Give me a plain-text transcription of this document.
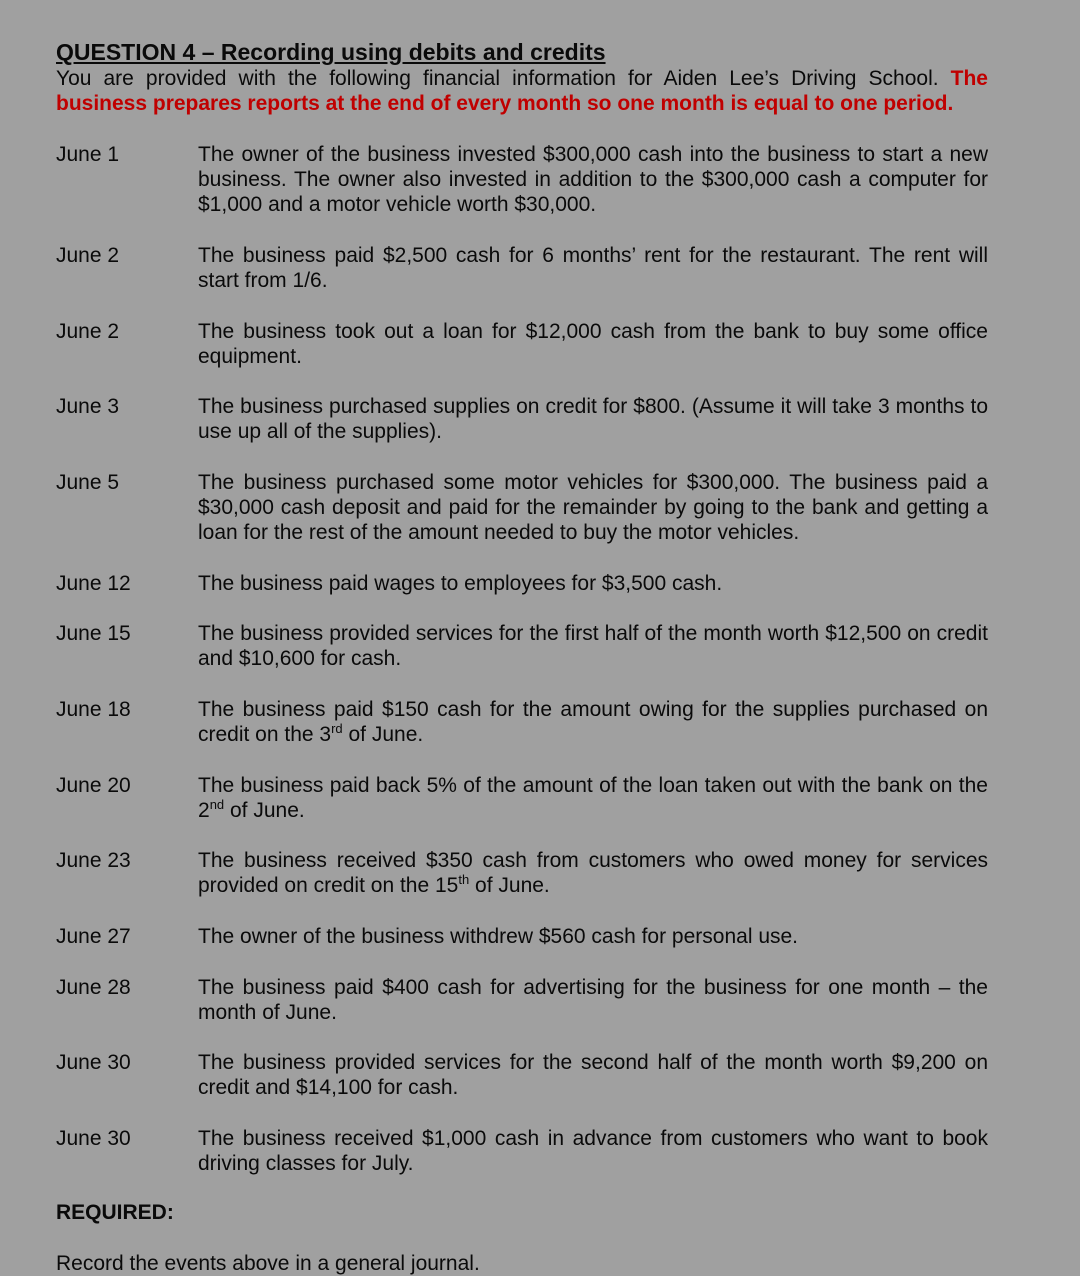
QUESTION 4 – Recording using debits and credits
You are provided with the following financial information for Aiden Lee’s Driving School. The business prepares reports at the end of every month so one month is equal to one period.
June 1	The owner of the business invested $300,000 cash into the business to start a new business. The owner also invested in addition to the $300,000 cash a computer for $1,000 and a motor vehicle worth $30,000.
June 2	The business paid $2,500 cash for 6 months’ rent for the restaurant. The rent will start from 1/6.
June 2	The business took out a loan for $12,000 cash from the bank to buy some office equipment.
June 3	The business purchased supplies on credit for $800. (Assume it will take 3 months to use up all of the supplies).
June 5	The business purchased some motor vehicles for $300,000. The business paid a $30,000 cash deposit and paid for the remainder by going to the bank and getting a loan for the rest of the amount needed to buy the motor vehicles.
June 12	The business paid wages to employees for $3,500 cash.
June 15	The business provided services for the first half of the month worth $12,500 on credit and $10,600 for cash.
June 18	The business paid $150 cash for the amount owing for the supplies purchased on credit on the 3rd of June.
June 20	The business paid back 5% of the amount of the loan taken out with the bank on the 2nd of June.
June 23	The business received $350 cash from customers who owed money for services provided on credit on the 15th of June.
June 27	The owner of the business withdrew $560 cash for personal use.
June 28	The business paid $400 cash for advertising for the business for one month – the month of June.
June 30	The business provided services for the second half of the month worth $9,200 on credit and $14,100 for cash.
June 30	The business received $1,000 cash in advance from customers who want to book driving classes for July.
REQUIRED:
Record the events above in a general journal.
